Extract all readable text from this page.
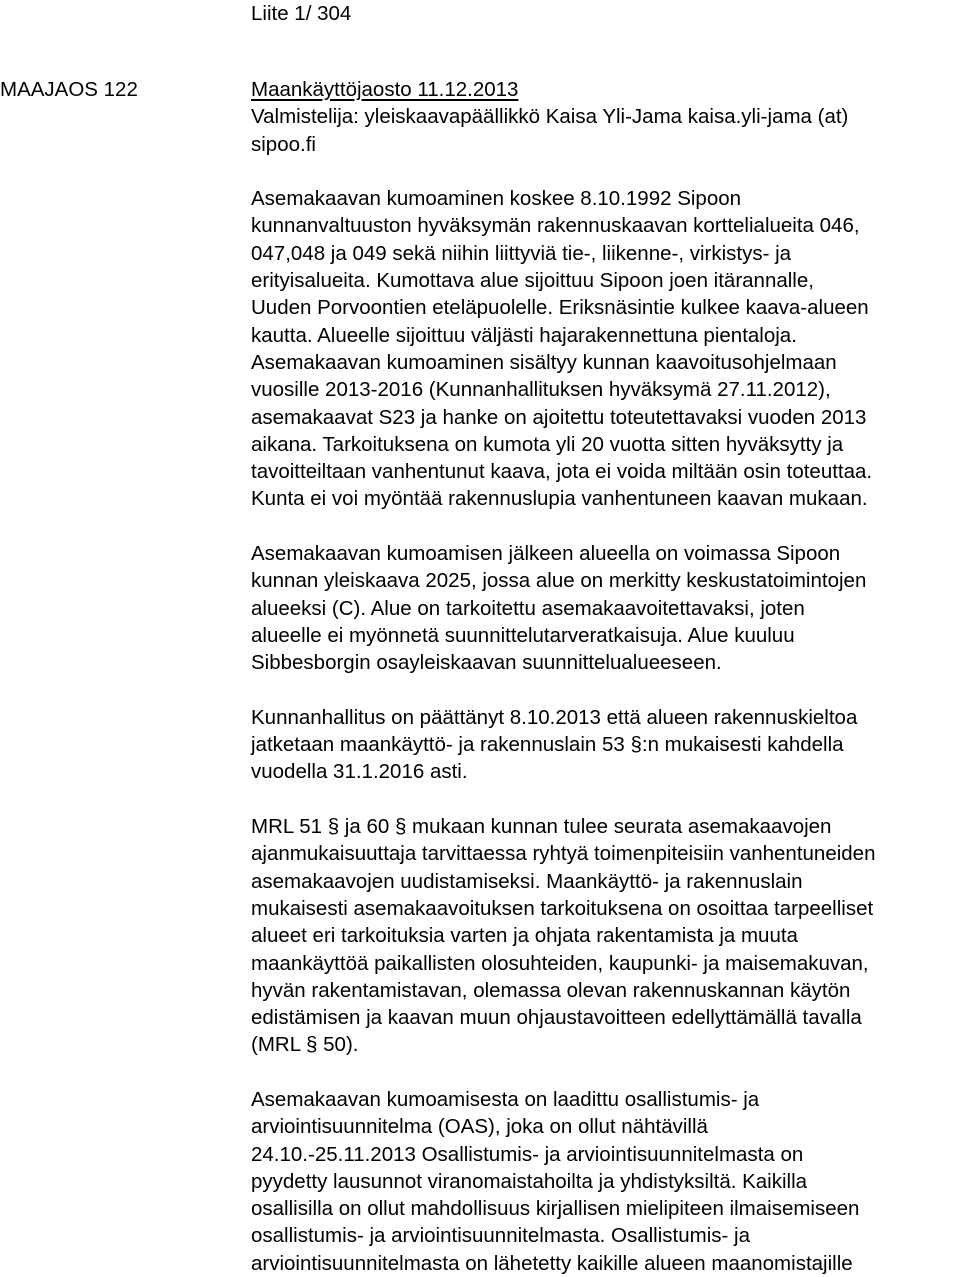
Liite 1/ 304
MAAJAOS 122	Maankäyttöjaosto 11.12.2013
Valmistelija: yleiskaavapäällikkö Kaisa Yli-Jama kaisa.yli-jama (at)
sipoo.fi
Asemakaavan kumoaminen koskee 8.10.1992 Sipoon
kunnanvaltuuston hyväksymän rakennuskaavan korttelialueita 046,
047,048 ja 049 sekä niihin liittyviä tie-, liikenne-, virkistys- ja
erityisalueita. Kumottava alue sijoittuu Sipoon joen itärannalle,
Uuden Porvoontien eteläpuolelle. Eriksnäsintie kulkee kaava-alueen
kautta. Alueelle sijoittuu väljästi hajarakennettuna pientaloja.
Asemakaavan kumoaminen sisältyy kunnan kaavoitusohjelmaan
vuosille 2013-2016 (Kunnanhallituksen hyväksymä 27.11.2012),
asemakaavat S23 ja hanke on ajoitettu toteutettavaksi vuoden 2013
aikana. Tarkoituksena on kumota yli 20 vuotta sitten hyväksytty ja
tavoitteiltaan vanhentunut kaava, jota ei voida miltään osin toteuttaa.
Kunta ei voi myöntää rakennuslupia vanhentuneen kaavan mukaan.
Asemakaavan kumoamisen jälkeen alueella on voimassa Sipoon
kunnan yleiskaava 2025, jossa alue on merkitty keskustatoimintojen
alueeksi (C). Alue on tarkoitettu asemakaavoitettavaksi, joten
alueelle ei myönnetä suunnittelutarveratkaisuja. Alue kuuluu
Sibbesborgin osayleiskaavan suunnittelualueeseen.
Kunnanhallitus on päättänyt 8.10.2013 että alueen rakennuskieltoa
jatketaan maankäyttö- ja rakennuslain 53 §:n mukaisesti kahdella
vuodella 31.1.2016 asti.
MRL 51 § ja 60 § mukaan kunnan tulee seurata asemakaavojen
ajanmukaisuuttaja tarvittaessa ryhtyä toimenpiteisiin vanhentuneiden
asemakaavojen uudistamiseksi. Maankäyttö- ja rakennuslain
mukaisesti asemakaavoituksen tarkoituksena on osoittaa tarpeelliset
alueet eri tarkoituksia varten ja ohjata rakentamista ja muuta
maankäyttöä paikallisten olosuhteiden, kaupunki- ja maisemakuvan,
hyvän rakentamistavan, olemassa olevan rakennuskannan käytön
edistämisen ja kaavan muun ohjaustavoitteen edellyttämällä tavalla
(MRL § 50).
Asemakaavan kumoamisesta on laadittu osallistumis- ja
arviointisuunnitelma (OAS), joka on ollut nähtävillä
24.10.-25.11.2013 Osallistumis- ja arviointisuunnitelmasta on
pyydetty lausunnot viranomaistahoilta ja yhdistyksiltä. Kaikilla
osallisilla on ollut mahdollisuus kirjallisen mielipiteen ilmaisemiseen
osallistumis- ja arviointisuunnitelmasta. Osallistumis- ja
arviointisuunnitelmasta on lähetetty kaikille alueen maanomistajille
